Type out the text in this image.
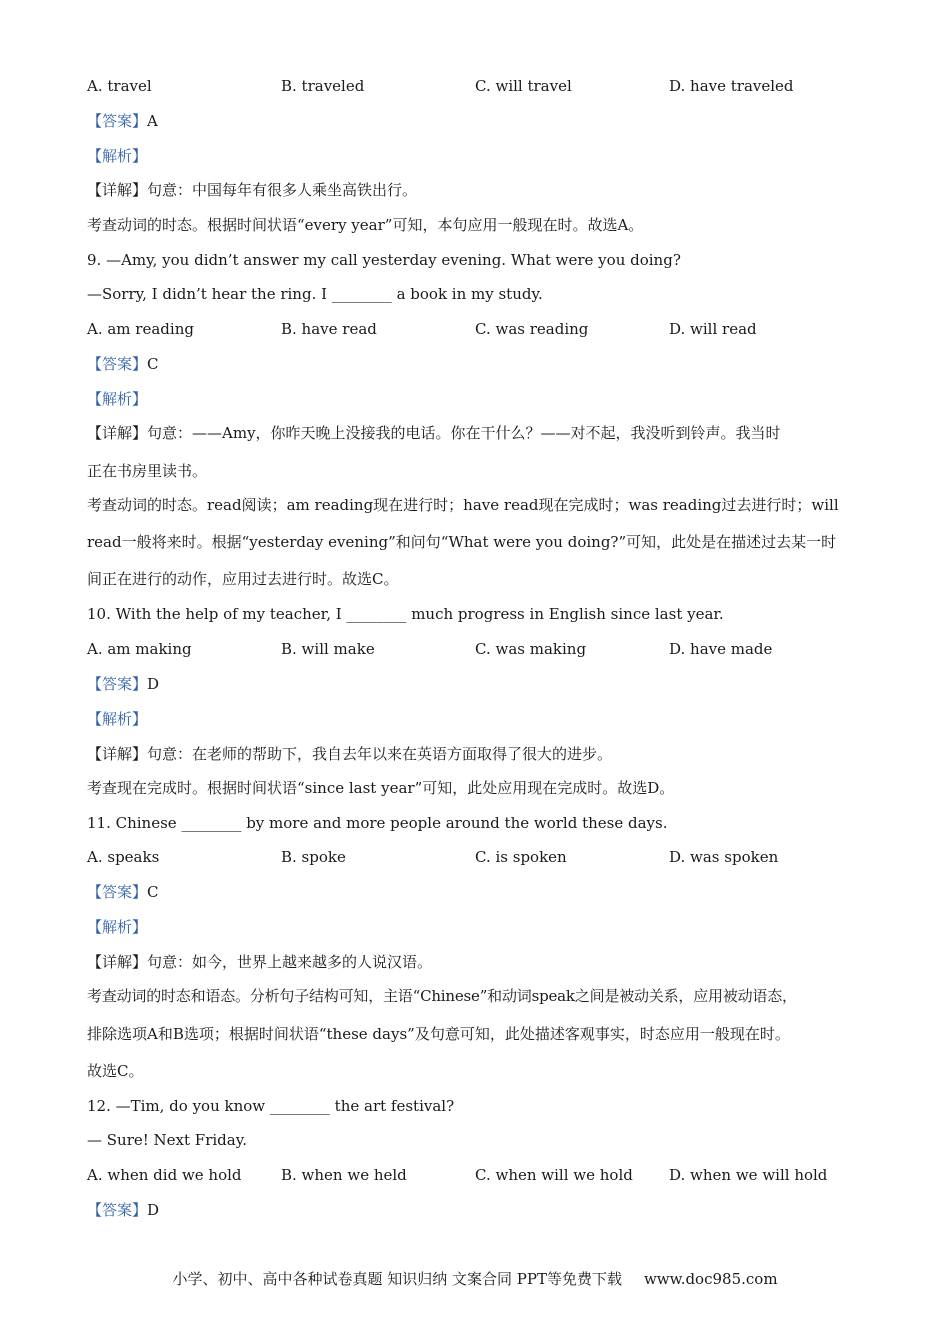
A. travel	B. traveled	C. will travel	D. have traveled
【答案】A
【解析】
【详解】句意：中国每年有很多人乘坐高铁出行。
考查动词的时态。根据时间状语“every year”可知，本句应用一般现在时。故选A。
9. —Amy, you didn’t answer my call yesterday evening. What were you doing?
—Sorry, I didn’t hear the ring. I ________ a book in my study.
A. am reading	B. have read	C. was reading	D. will read
【答案】C
【解析】
【详解】句意：——Amy，你昨天晚上没接我的电话。你在干什么？——对不起，我没听到铃声。我当时
正在书房里读书。
考查动词的时态。read阅读；am reading现在进行时；have read现在完成时；was reading过去进行时；will
read一般将来时。根据“yesterday evening”和问句“What were you doing?”可知，此处是在描述过去某一时
间正在进行的动作，应用过去进行时。故选C。
10. With the help of my teacher, I ________ much progress in English since last year.
A. am making	B. will make	C. was making	D. have made
【答案】D
【解析】
【详解】句意：在老师的帮助下，我自去年以来在英语方面取得了很大的进步。
考查现在完成时。根据时间状语“since last year”可知，此处应用现在完成时。故选D。
11. Chinese ________ by more and more people around the world these days.
A. speaks	B. spoke	C. is spoken	D. was spoken
【答案】C
【解析】
【详解】句意：如今，世界上越来越多的人说汉语。
考查动词的时态和语态。分析句子结构可知，主语“Chinese”和动词speak之间是被动关系，应用被动语态，
排除选项A和B选项；根据时间状语“these days”及句意可知，此处描述客观事实，时态应用一般现在时。
故选C。
12. —Tim, do you know ________ the art festival?
— Sure! Next Friday.
A. when did we hold	B. when we held	C. when will we hold D. when we will hold
【答案】D
小学、初中、高中各种试卷真题 知识归纳 文案合同 PPT等免费下载 www.doc985.com
